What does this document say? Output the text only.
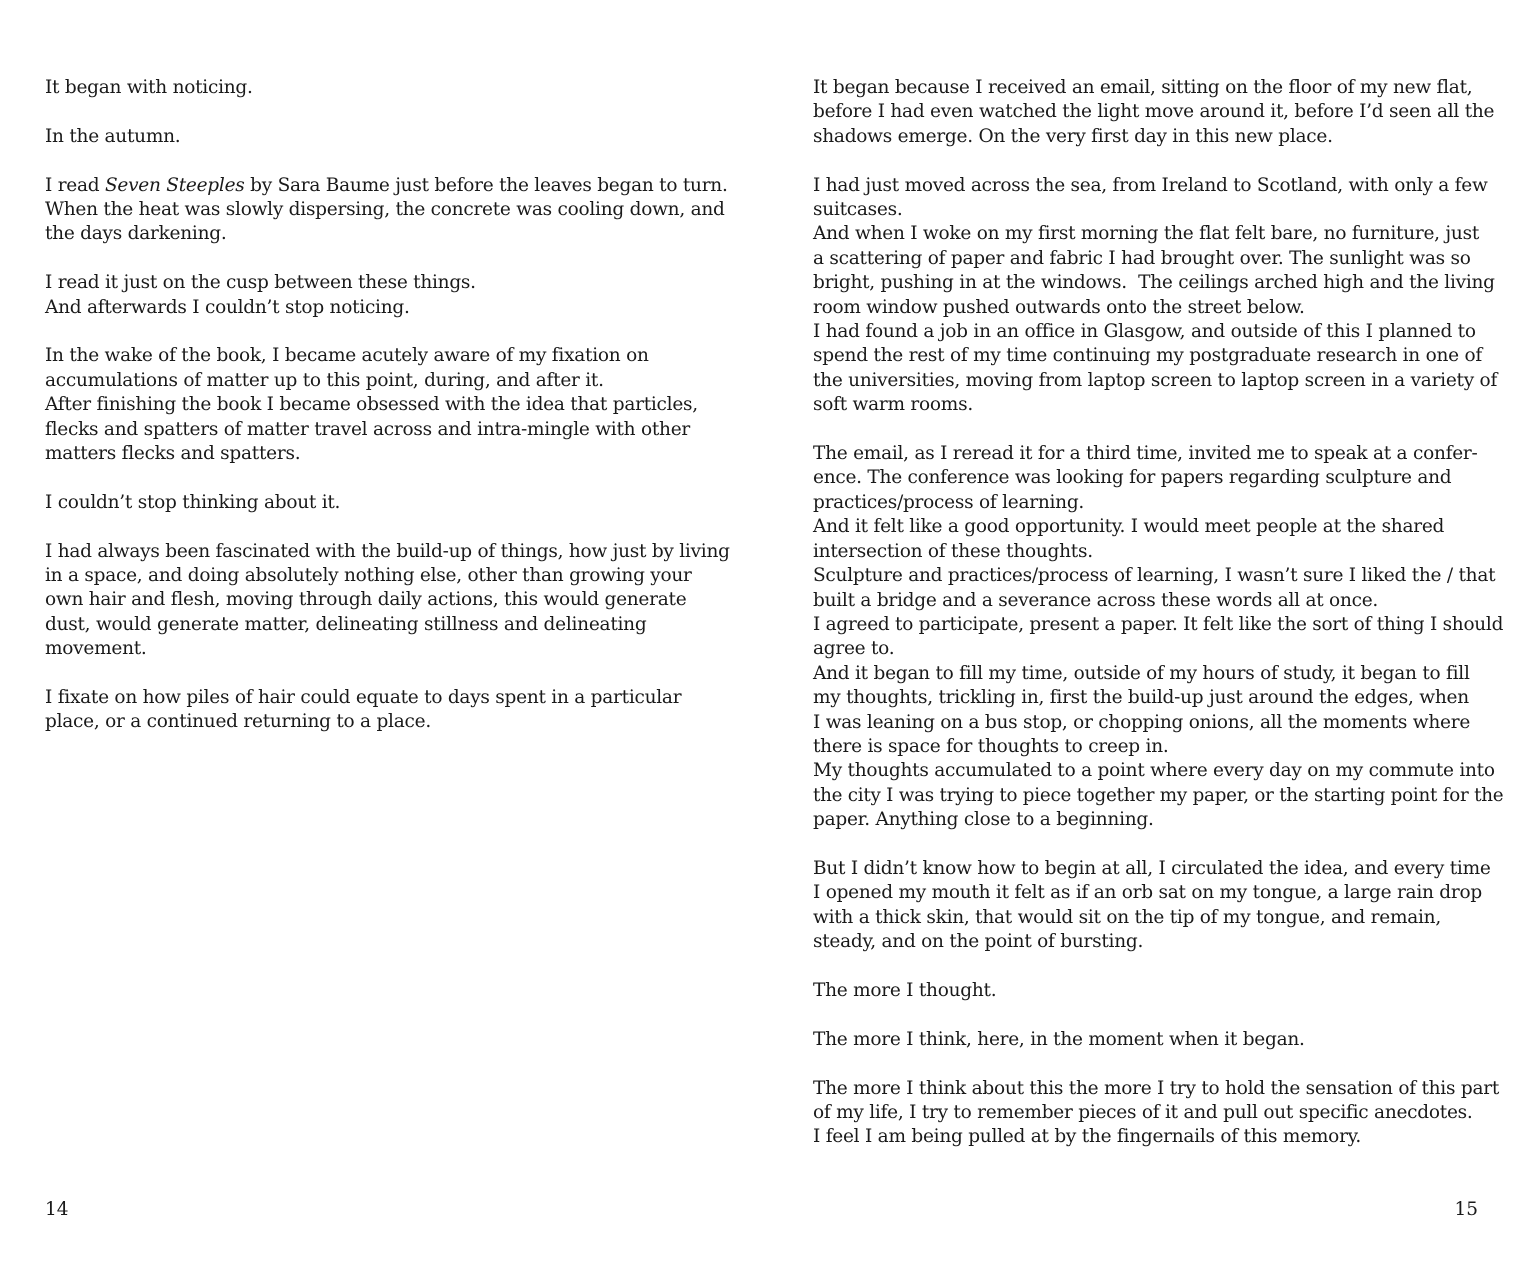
It began with noticing.

In the autumn.

I read Seven Steeples by Sara Baume just before the leaves began to turn.
When the heat was slowly dispersing, the concrete was cooling down, and
the days darkening.

I read it just on the cusp between these things.
And afterwards I couldn’t stop noticing.

In the wake of the book, I became acutely aware of my fixation on
accumulations of matter up to this point, during, and after it.
After finishing the book I became obsessed with the idea that particles,
flecks and spatters of matter travel across and intra-mingle with other
matters flecks and spatters.

I couldn’t stop thinking about it.

I had always been fascinated with the build-up of things, how just by living
in a space, and doing absolutely nothing else, other than growing your
own hair and flesh, moving through daily actions, this would generate
dust, would generate matter, delineating stillness and delineating
movement.

I fixate on how piles of hair could equate to days spent in a particular
place, or a continued returning to a place.

14

It began because I received an email, sitting on the floor of my new flat,
before I had even watched the light move around it, before I’d seen all the
shadows emerge. On the very first day in this new place.

I had just moved across the sea, from Ireland to Scotland, with only a few
suitcases.
And when I woke on my first morning the flat felt bare, no furniture, just
a scattering of paper and fabric I had brought over. The sunlight was so
bright, pushing in at the windows.  The ceilings arched high and the living
room window pushed outwards onto the street below.
I had found a job in an office in Glasgow, and outside of this I planned to
spend the rest of my time continuing my postgraduate research in one of
the universities, moving from laptop screen to laptop screen in a variety of
soft warm rooms.

The email, as I reread it for a third time, invited me to speak at a confer-
ence. The conference was looking for papers regarding sculpture and
practices/process of learning.
And it felt like a good opportunity. I would meet people at the shared
intersection of these thoughts.
Sculpture and practices/process of learning, I wasn’t sure I liked the / that
built a bridge and a severance across these words all at once.
I agreed to participate, present a paper. It felt like the sort of thing I should
agree to.
And it began to fill my time, outside of my hours of study, it began to fill
my thoughts, trickling in, first the build-up just around the edges, when
I was leaning on a bus stop, or chopping onions, all the moments where
there is space for thoughts to creep in.
My thoughts accumulated to a point where every day on my commute into
the city I was trying to piece together my paper, or the starting point for the
paper. Anything close to a beginning.

But I didn’t know how to begin at all, I circulated the idea, and every time
I opened my mouth it felt as if an orb sat on my tongue, a large rain drop
with a thick skin, that would sit on the tip of my tongue, and remain,
steady, and on the point of bursting.

The more I thought.

The more I think, here, in the moment when it began.

The more I think about this the more I try to hold the sensation of this part
of my life, I try to remember pieces of it and pull out specific anecdotes.
I feel I am being pulled at by the fingernails of this memory.

15
